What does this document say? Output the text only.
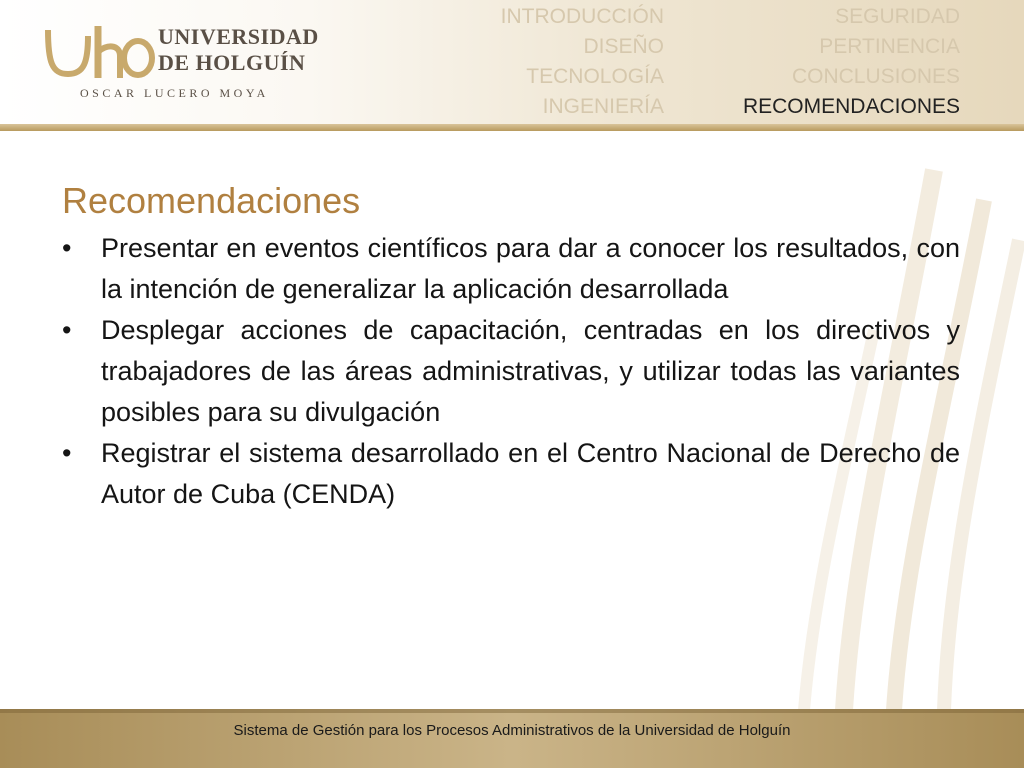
UNIVERSIDAD
DE HOLGUÍN
OSCAR LUCERO MOYA
INTRODUCCIÓN
DISEÑO
TECNOLOGÍA
INGENIERÍA
SEGURIDAD
PERTINENCIA
CONCLUSIONES
RECOMENDACIONES
Recomendaciones
• Presentar en eventos científicos para dar a conocer los resultados, con la intención de generalizar la aplicación desarrollada
• Desplegar acciones de capacitación, centradas en los directivos y trabajadores de las áreas administrativas, y utilizar todas las variantes posibles para su divulgación
• Registrar el sistema desarrollado en el Centro Nacional de Derecho de Autor de Cuba (CENDA)
Sistema de Gestión para los Procesos Administrativos de la Universidad de Holguín
